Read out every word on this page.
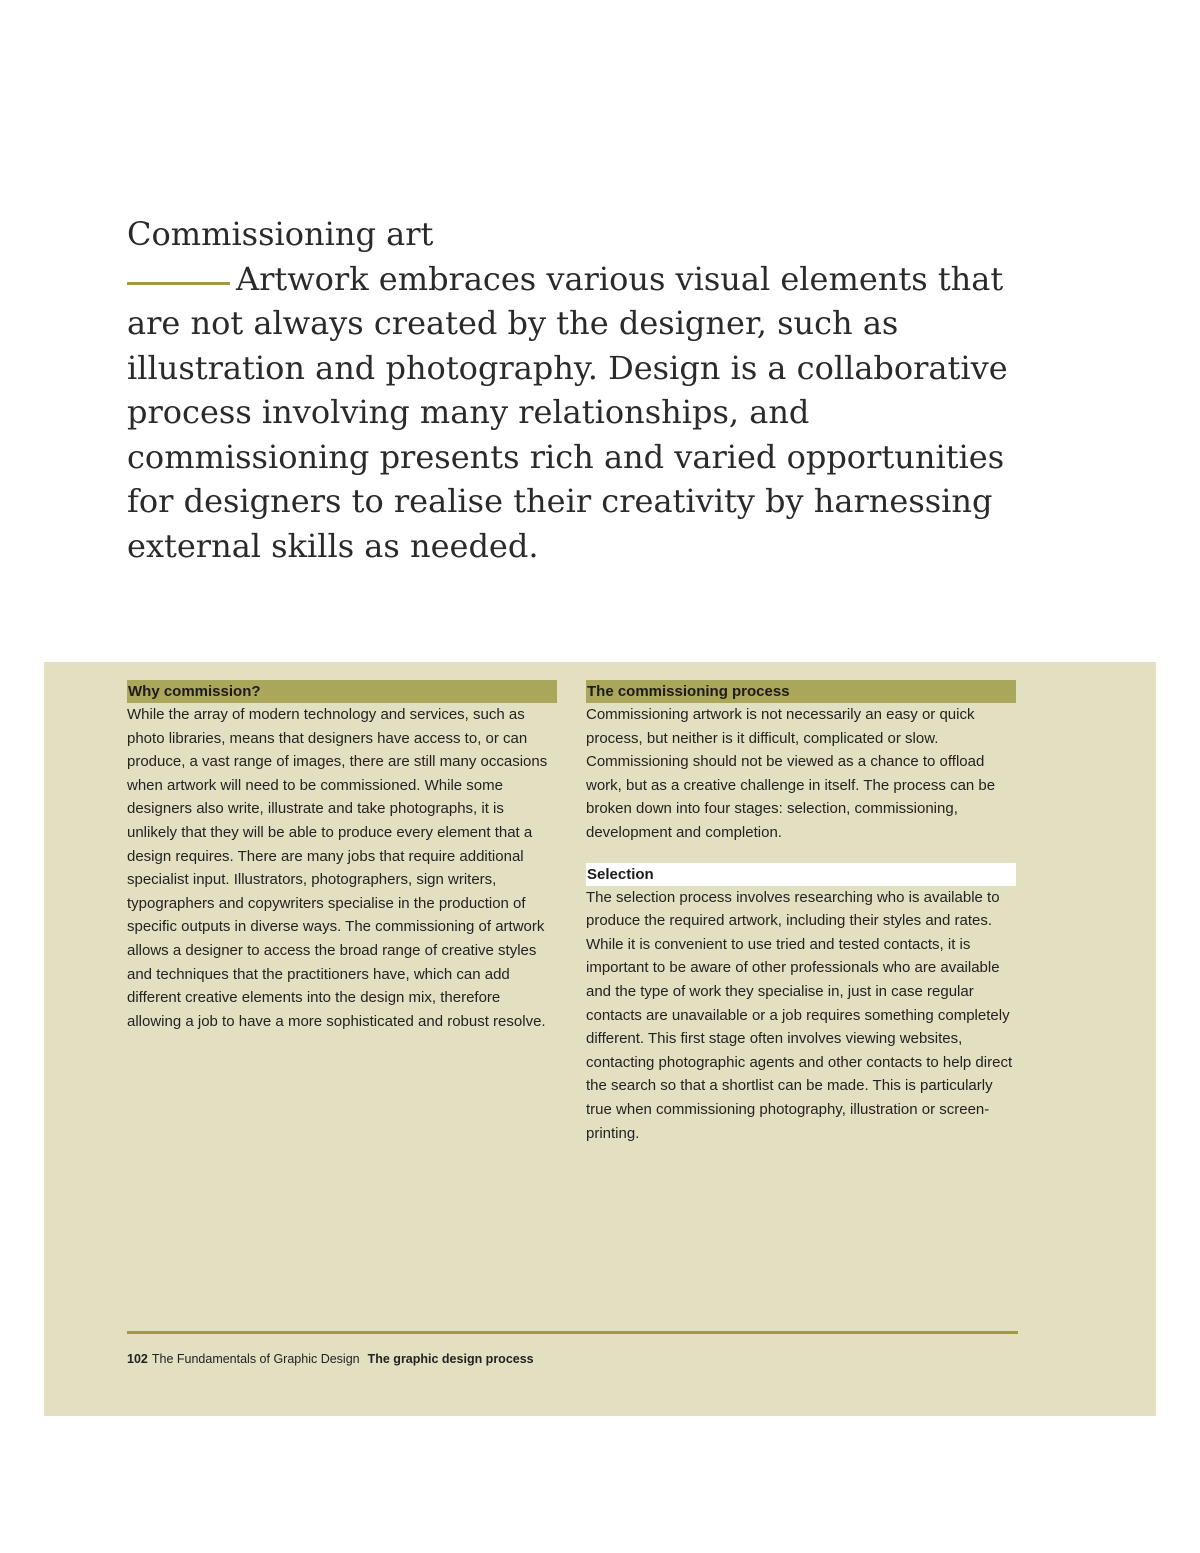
Commissioning art
Artwork embraces various visual elements that are not always created by the designer, such as illustration and photography. Design is a collaborative process involving many relationships, and commissioning presents rich and varied opportunities for designers to realise their creativity by harnessing external skills as needed.
Why commission?

While the array of modern technology and services, such as photo libraries, means that designers have access to, or can produce, a vast range of images, there are still many occasions when artwork will need to be commissioned. While some designers also write, illustrate and take photographs, it is unlikely that they will be able to produce every element that a design requires. There are many jobs that require additional specialist input. Illustrators, photographers, sign writers, typographers and copywriters specialise in the production of specific outputs in diverse ways. The commissioning of artwork allows a designer to access the broad range of creative styles and techniques that the practitioners have, which can add different creative elements into the design mix, therefore allowing a job to have a more sophisticated and robust resolve.

The commissioning process

Commissioning artwork is not necessarily an easy or quick process, but neither is it difficult, complicated or slow. Commissioning should not be viewed as a chance to offload work, but as a creative challenge in itself. The process can be broken down into four stages: selection, commissioning, development and completion.

Selection

The selection process involves researching who is available to produce the required artwork, including their styles and rates. While it is convenient to use tried and tested contacts, it is important to be aware of other professionals who are available and the type of work they specialise in, just in case regular contacts are unavailable or a job requires something completely different. This first stage often involves viewing websites, contacting photographic agents and other contacts to help direct the search so that a shortlist can be made. This is particularly true when commissioning photography, illustration or screen-printing.

102 The Fundamentals of Graphic Design The graphic design process
